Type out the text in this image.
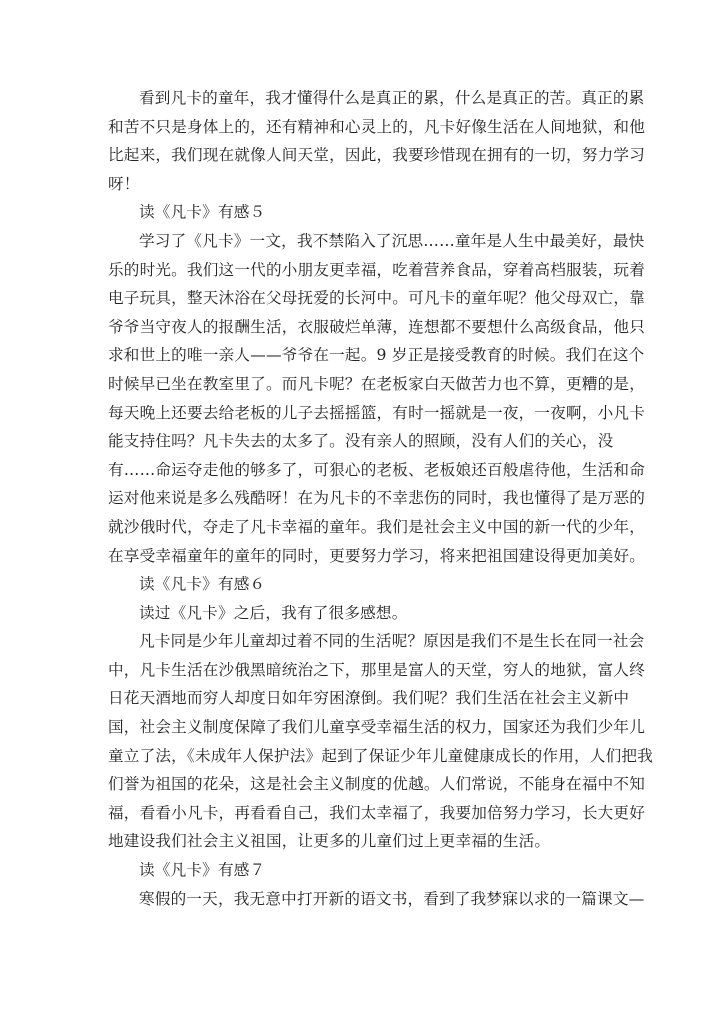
看到凡卡的童年，我才懂得什么是真正的累，什么是真正的苦。真正的累
和苦不只是身体上的，还有精神和心灵上的，凡卡好像生活在人间地狱，和他
比起来，我们现在就像人间天堂，因此，我要珍惜现在拥有的一切，努力学习
呀！
读《凡卡》有感５
学习了《凡卡》一文，我不禁陷入了沉思……童年是人生中最美好，最快
乐的时光。我们这一代的小朋友更幸福，吃着营养食品，穿着高档服装，玩着
电子玩具，整天沐浴在父母抚爱的长河中。可凡卡的童年呢？他父母双亡，靠
爷爷当守夜人的报酬生活，衣服破烂单薄，连想都不要想什么高级食品，他只
求和世上的唯一亲人——爷爷在一起。9 岁正是接受教育的时候。我们在这个
时候早已坐在教室里了。而凡卡呢？在老板家白天做苦力也不算，更糟的是，
每天晚上还要去给老板的儿子去摇摇篮，有时一摇就是一夜，一夜啊，小凡卡
能支持住吗？凡卡失去的太多了。没有亲人的照顾，没有人们的关心，没
有……命运夺走他的够多了，可狠心的老板、老板娘还百般虐待他，生活和命
运对他来说是多么残酷呀！在为凡卡的不幸悲伤的同时，我也懂得了是万恶的
就沙俄时代，夺走了凡卡幸福的童年。我们是社会主义中国的新一代的少年，
在享受幸福童年的童年的同时，更要努力学习，将来把祖国建设得更加美好。
读《凡卡》有感６
读过《凡卡》之后，我有了很多感想。
凡卡同是少年儿童却过着不同的生活呢？原因是我们不是生长在同一社会
中，凡卡生活在沙俄黑暗统治之下，那里是富人的天堂，穷人的地狱，富人终
日花天酒地而穷人却度日如年穷困潦倒。我们呢？我们生活在社会主义新中
国，社会主义制度保障了我们儿童享受幸福生活的权力，国家还为我们少年儿
童立了法，《未成年人保护法》起到了保证少年儿童健康成长的作用，人们把我
们誉为祖国的花朵，这是社会主义制度的优越。人们常说，不能身在福中不知
福，看看小凡卡，再看看自己，我们太幸福了，我要加倍努力学习，长大更好
地建设我们社会主义祖国，让更多的儿童们过上更幸福的生活。
读《凡卡》有感７
寒假的一天，我无意中打开新的语文书，看到了我梦寐以求的一篇课文—
